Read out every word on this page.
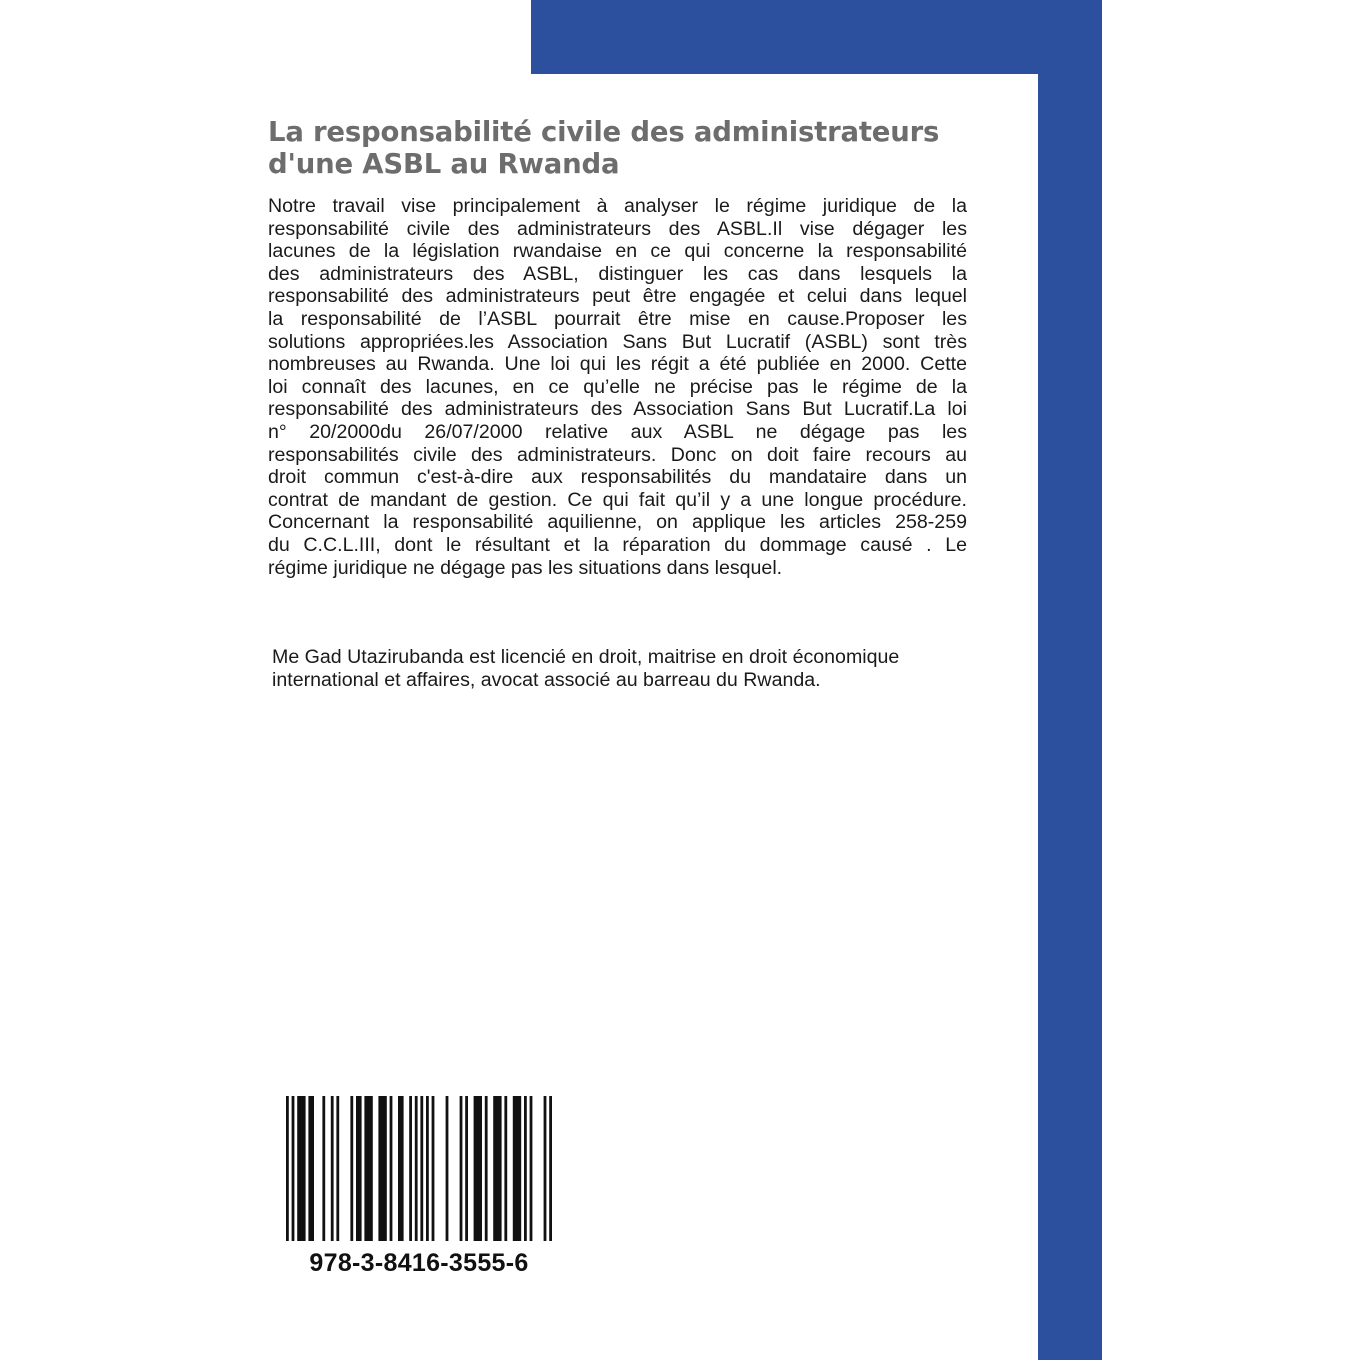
La responsabilité civile des administrateurs
d'une ASBL au Rwanda
Notre travail vise principalement à analyser le régime juridique de la
responsabilité civile des administrateurs des ASBL.Il vise dégager les
lacunes de la législation rwandaise en ce qui concerne la responsabilité
des administrateurs des ASBL, distinguer les cas dans lesquels la
responsabilité des administrateurs peut être engagée et celui dans lequel
la responsabilité de l’ASBL pourrait être mise en cause.Proposer les
solutions appropriées.les Association Sans But Lucratif (ASBL) sont très
nombreuses au Rwanda. Une loi qui les régit a été publiée en 2000. Cette
loi connaît des lacunes, en ce qu’elle ne précise pas le régime de la
responsabilité des administrateurs des Association Sans But Lucratif.La loi
n° 20/2000du 26/07/2000 relative aux ASBL ne dégage pas les
responsabilités civile des administrateurs. Donc on doit faire recours au
droit commun c'est-à-dire aux responsabilités du mandataire dans un
contrat de mandant de gestion. Ce qui fait qu’il y a une longue procédure.
Concernant la responsabilité aquilienne, on applique les articles 258-259
du C.C.L.III, dont le résultant et la réparation du dommage causé . Le
régime juridique ne dégage pas les situations dans lesquel.
Me Gad Utazirubanda est licencié en droit, maitrise en droit économique
international et affaires, avocat associé au barreau du Rwanda.

978-3-8416-3555-6
